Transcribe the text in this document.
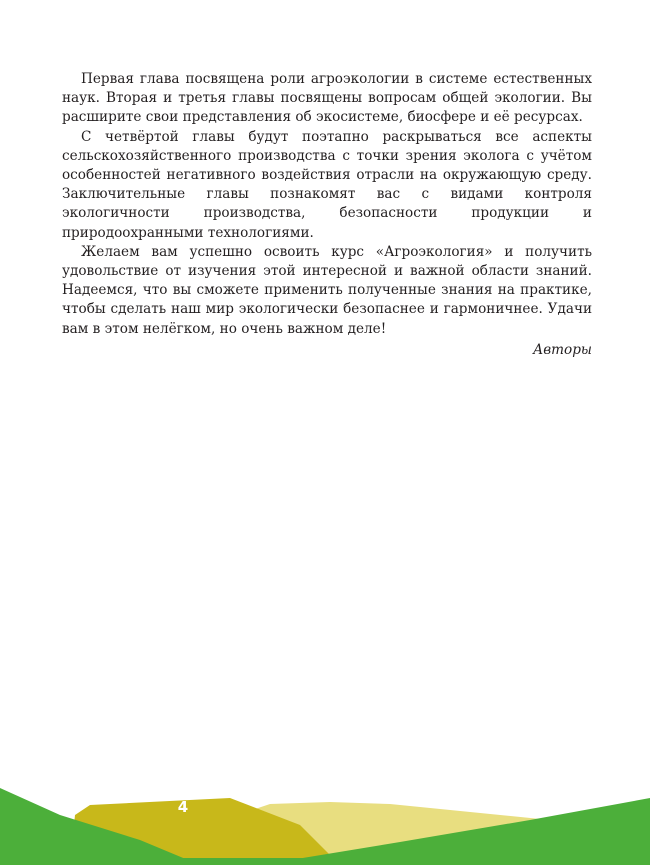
Первая глава посвящена роли агроэкологии в системе естественных наук. Вторая и третья главы посвящены вопросам общей экологии. Вы расширите свои представления об экосистеме, биосфере и её ресурсах.

С четвёртой главы будут поэтапно раскрываться все аспекты сельскохозяйственного производства с точки зрения эколога с учётом особенностей негативного воздействия отрасли на окружающую среду. Заключительные главы познакомят вас с видами контроля экологичности производства, безопасности продукции и природоохранными технологиями.

Желаем вам успешно освоить курс «Агроэкология» и получить удовольствие от изучения этой интересной и важной области знаний. Надеемся, что вы сможете применить полученные знания на практике, чтобы сделать наш мир экологически безопаснее и гармоничнее. Удачи вам в этом нелёгком, но очень важном деле!

Авторы

4
